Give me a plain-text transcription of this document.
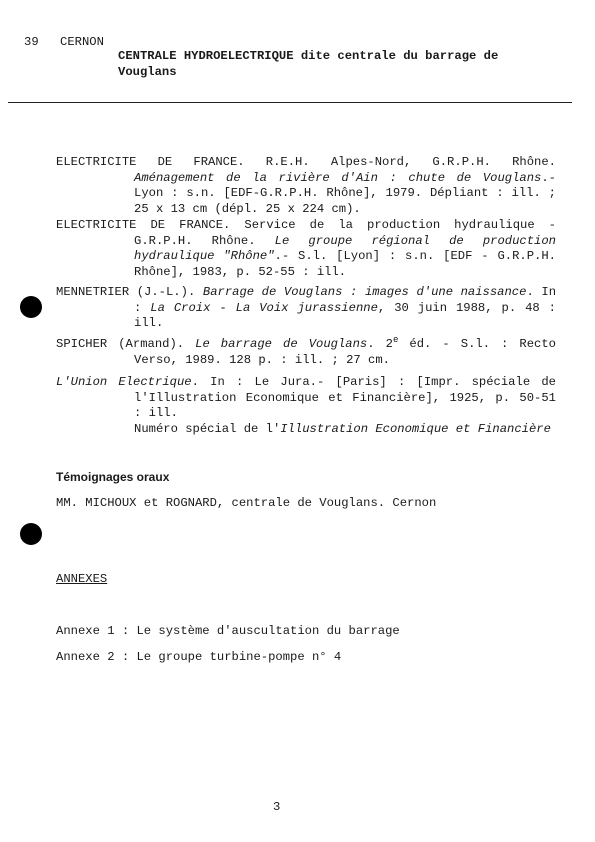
39 CERNON
CENTRALE HYDROELECTRIQUE dite centrale du barrage de Vouglans

ELECTRICITE DE FRANCE. R.E.H. Alpes-Nord, G.R.P.H. Rhône. Aménagement de la rivière d'Ain : chute de Vouglans.- Lyon : s.n. [EDF-G.R.P.H. Rhône], 1979. Dépliant : ill. ; 25 x 13 cm (dépl. 25 x 224 cm).

ELECTRICITE DE FRANCE. Service de la production hydraulique - G.R.P.H. Rhône. Le groupe régional de production hydraulique "Rhône".- S.l. [Lyon] : s.n. [EDF - G.R.P.H. Rhône], 1983, p. 52-55 : ill.

MENNETRIER (J.-L.). Barrage de Vouglans : images d'une naissance. In : La Croix - La Voix jurassienne, 30 juin 1988, p. 48 : ill.

SPICHER (Armand). Le barrage de Vouglans. 2e éd. - S.l. : Recto Verso, 1989. 128 p. : ill. ; 27 cm.

L'Union Electrique. In : Le Jura.- [Paris] : [Impr. spéciale de l'Illustration Economique et Financière], 1925, p. 50-51 : ill.

Numéro spécial de l'Illustration Economique et Financière

Témoignages oraux
MM. MICHOUX et ROGNARD, centrale de Vouglans. Cernon
ANNEXES
Annexe 1 : Le système d'auscultation du barrage
Annexe 2 : Le groupe turbine-pompe n° 4
3
